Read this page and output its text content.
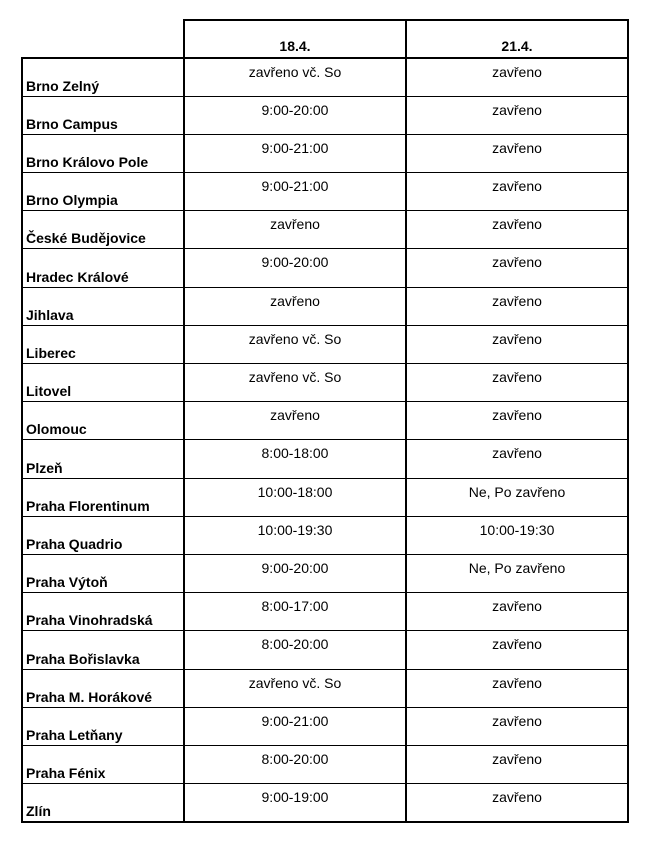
	18.4.	21.4.
Brno Zelný	zavřeno vč. So	zavřeno
Brno Campus	9:00-20:00	zavřeno
Brno Královo Pole	9:00-21:00	zavřeno
Brno Olympia	9:00-21:00	zavřeno
České Budějovice	zavřeno	zavřeno
Hradec Králové	9:00-20:00	zavřeno
Jihlava	zavřeno	zavřeno
Liberec	zavřeno vč. So	zavřeno
Litovel	zavřeno vč. So	zavřeno
Olomouc	zavřeno	zavřeno
Plzeň	8:00-18:00	zavřeno
Praha Florentinum	10:00-18:00	Ne, Po zavřeno
Praha Quadrio	10:00-19:30	10:00-19:30
Praha Výtoň	9:00-20:00	Ne, Po zavřeno
Praha Vinohradská	8:00-17:00	zavřeno
Praha Bořislavka	8:00-20:00	zavřeno
Praha M. Horákové	zavřeno vč. So	zavřeno
Praha Letňany	9:00-21:00	zavřeno
Praha Fénix	8:00-20:00	zavřeno
Zlín	9:00-19:00	zavřeno
